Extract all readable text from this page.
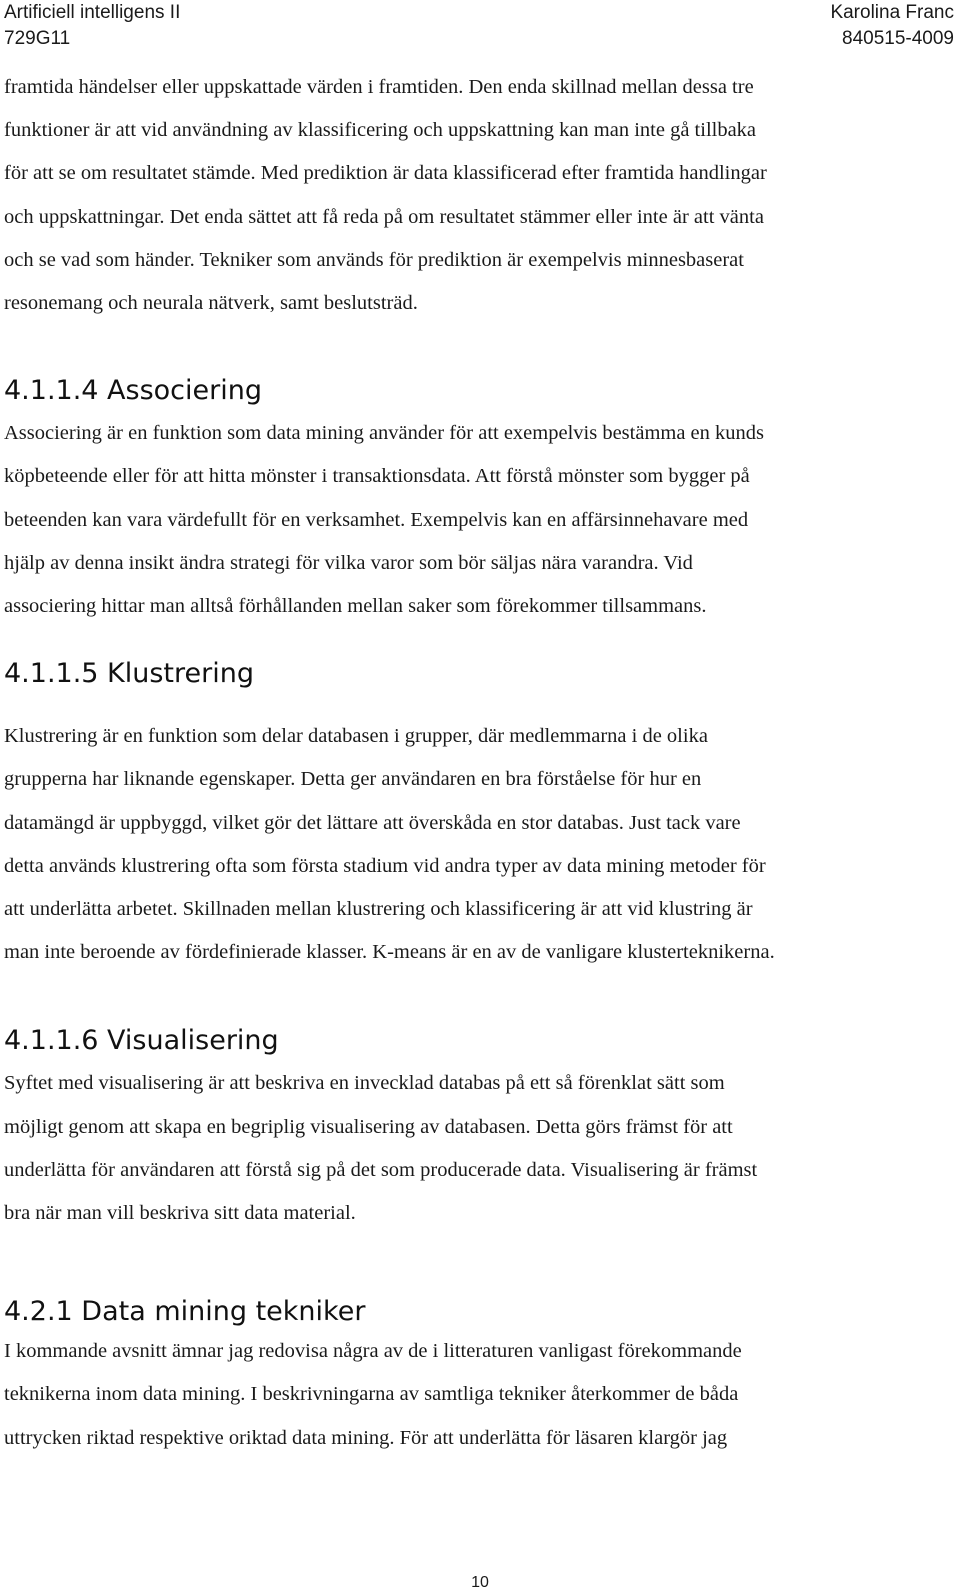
Artificiell intelligens II
729G11
Karolina Franc
840515-4009

framtida händelser eller uppskattade värden i framtiden. Den enda skillnad mellan dessa tre

funktioner är att vid användning av klassificering och uppskattning kan man inte gå tillbaka

för att se om resultatet stämde. Med prediktion är data klassificerad efter framtida handlingar

och uppskattningar. Det enda sättet att få reda på om resultatet stämmer eller inte är att vänta

och se vad som händer. Tekniker som används för prediktion är exempelvis minnesbaserat

resonemang och neurala nätverk, samt beslutsträd.

4.1.1.4 Associering

Associering är en funktion som data mining använder för att exempelvis bestämma en kunds

köpbeteende eller för att hitta mönster i transaktionsdata. Att förstå mönster som bygger på

beteenden kan vara värdefullt för en verksamhet. Exempelvis kan en affärsinnehavare med

hjälp av denna insikt ändra strategi för vilka varor som bör säljas nära varandra. Vid

associering hittar man alltså förhållanden mellan saker som förekommer tillsammans.

4.1.1.5 Klustrering

Klustrering är en funktion som delar databasen i grupper, där medlemmarna i de olika

grupperna har liknande egenskaper. Detta ger användaren en bra förståelse för hur en

datamängd är uppbyggd, vilket gör det lättare att överskåda en stor databas. Just tack vare

detta används klustrering ofta som första stadium vid andra typer av data mining metoder för

att underlätta arbetet. Skillnaden mellan klustrering och klassificering är att vid klustring är

man inte beroende av fördefinierade klasser. K-means är en av de vanligare klusterteknikerna.

4.1.1.6 Visualisering

Syftet med visualisering är att beskriva en invecklad databas på ett så förenklat sätt som

möjligt genom att skapa en begriplig visualisering av databasen. Detta görs främst för att

underlätta för användaren att förstå sig på det som producerade data. Visualisering är främst

bra när man vill beskriva sitt data material.

4.2.1 Data mining tekniker

I kommande avsnitt ämnar jag redovisa några av de i litteraturen vanligast förekommande

teknikerna inom data mining. I beskrivningarna av samtliga tekniker återkommer de båda

uttrycken riktad respektive oriktad data mining. För att underlätta för läsaren klargör jag

10
